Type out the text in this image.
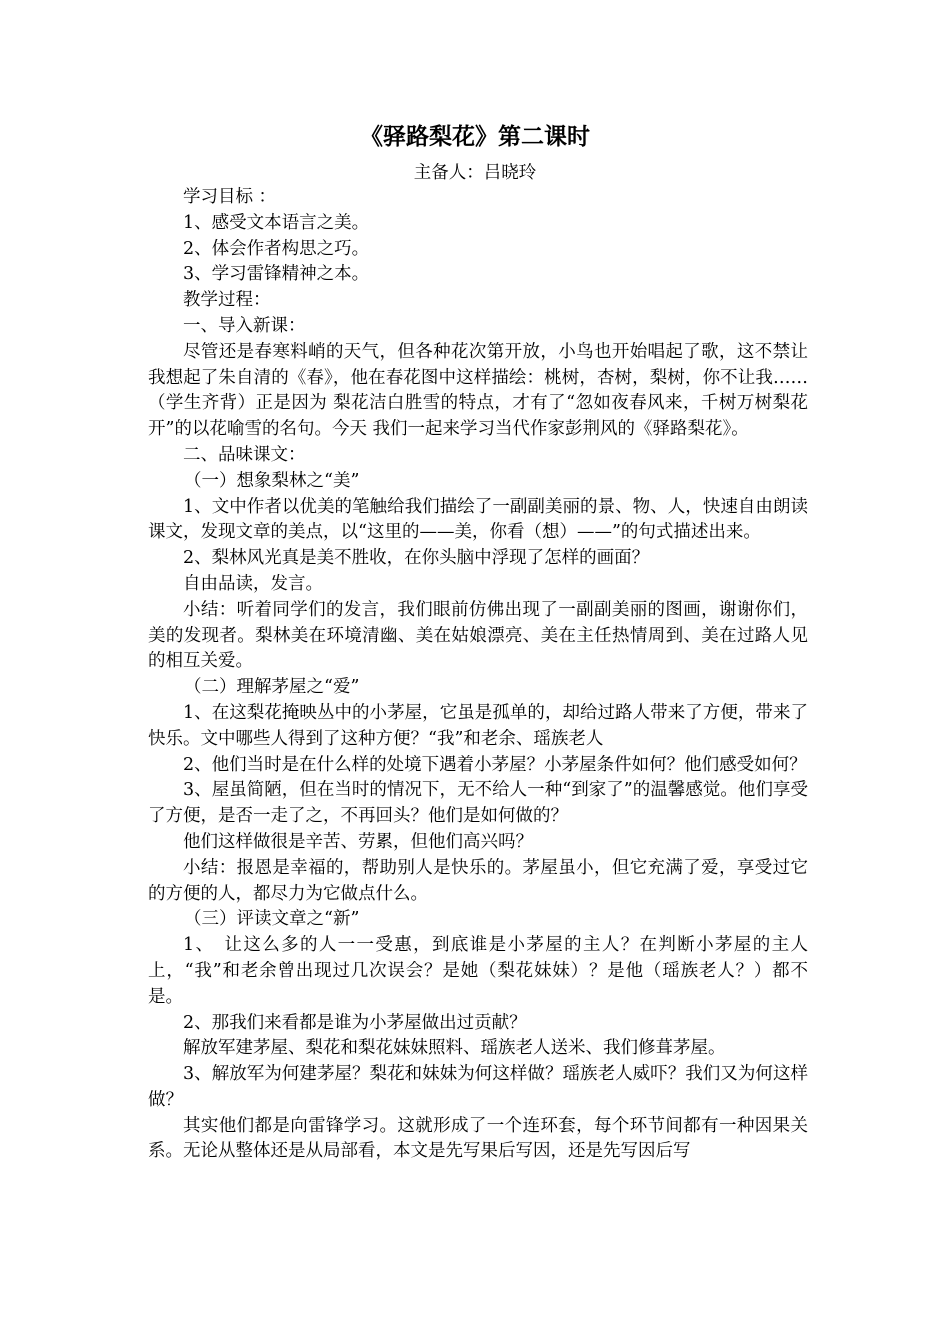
《驿路梨花》第二课时
主备人：吕晓玲

学习目标 ：

1、感受文本语言之美。

2、体会作者构思之巧。

3、学习雷锋精神之本。

教学过程：

一、导入新课：

尽管还是春寒料峭的天气，但各种花次第开放，小鸟也开始唱起了歌，这不禁让我想起了朱自清的《春》，他在春花图中这样描绘：桃树，杏树，梨树，你不让我……（学生齐背）正是因为 梨花洁白胜雪的特点，才有了“忽如夜春风来，千树万树梨花开”的以花喻雪的名句。今天 我们一起来学习当代作家彭荆风的《驿路梨花》。

二、品味课文：

（一）想象梨林之“美”

1、文中作者以优美的笔触给我们描绘了一副副美丽的景、物、人，快速自由朗读课文，发现文章的美点，以“这里的——美，你看（想）——”的句式描述出来。

2、梨林风光真是美不胜收，在你头脑中浮现了怎样的画面？

自由品读，发言。

小结：听着同学们的发言，我们眼前仿佛出现了一副副美丽的图画，谢谢你们，美的发现者。梨林美在环境清幽、美在姑娘漂亮、美在主任热情周到、美在过路人见的相互关爱。

（二）理解茅屋之“爱”

1、在这梨花掩映丛中的小茅屋，它虽是孤单的，却给过路人带来了方便，带来了快乐。文中哪些人得到了这种方便？“我”和老余、瑶族老人

2、他们当时是在什么样的处境下遇着小茅屋？小茅屋条件如何？他们感受如何？

3、屋虽简陋，但在当时的情况下，无不给人一种“到家了”的温馨感觉。他们享受了方便，是否一走了之，不再回头？他们是如何做的？

他们这样做很是辛苦、劳累，但他们高兴吗？

小结：报恩是幸福的，帮助别人是快乐的。茅屋虽小，但它充满了爱，享受过它的方便的人，都尽力为它做点什么。

（三）评读文章之“新”

1、　让这么多的人一一受惠，到底谁是小茅屋的主人？在判断小茅屋的主人上，“我”和老余曾出现过几次误会？是她（梨花妹妹）？是他（瑶族老人？）都不是。

2、那我们来看都是谁为小茅屋做出过贡献？

解放军建茅屋、梨花和梨花妹妹照料、瑶族老人送米、我们修葺茅屋。

3、解放军为何建茅屋？梨花和妹妹为何这样做？瑶族老人威吓？我们又为何这样做？

其实他们都是向雷锋学习。这就形成了一个连环套，每个环节间都有一种因果关系。无论从整体还是从局部看，本文是先写果后写因，还是先写因后写
